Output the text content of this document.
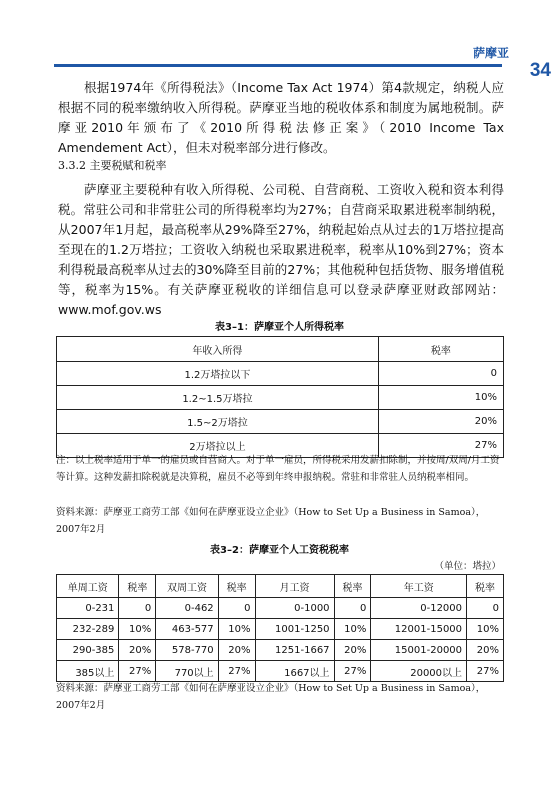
萨摩亚
34

根据1974年《所得税法》（Income Tax Act 1974）第4款规定，纳税人应根据不同的税率缴纳收入所得税。萨摩亚当地的税收体系和制度为属地税制。萨摩亚2010年颁布了《2010所得税法修正案》（2010 Income Tax Amendement Act），但未对税率部分进行修改。

3.3.2 主要税赋和税率

萨摩亚主要税种有收入所得税、公司税、自营商税、工资收入税和资本利得税。常驻公司和非常驻公司的所得税率均为27%；自营商采取累进税率制纳税，从2007年1月起，最高税率从29%降至27%，纳税起始点从过去的1万塔拉提高至现在的1.2万塔拉；工资收入纳税也采取累进税率，税率从10%到27%；资本利得税最高税率从过去的30%降至目前的27%；其他税种包括货物、服务增值税等，税率为15%。有关萨摩亚税收的详细信息可以登录萨摩亚财政部网站：www.mof.gov.ws

表3–1：萨摩亚个人所得税率
年收入所得	税率
1.2万塔拉以下	0
1.2~1.5万塔拉	10%
1.5~2万塔拉	20%
2万塔拉以上	27%

注：以上税率适用于单一的雇员或自营商人。对于单一雇员，所得税采用发薪扣除制，并按周/双周/月工资等计算。这种发薪扣除税就是决算税，雇员不必等到年终申报纳税。常驻和非常驻人员纳税率相同。

资料来源：萨摩亚工商劳工部《如何在萨摩亚设立企业》（How to Set Up a Business in Samoa），2007年2月

表3–2：萨摩亚个人工资税税率
（单位：塔拉）
单周工资	税率	双周工资	税率	月工资	税率	年工资	税率
0-231	0	0-462	0	0-1000	0	0-12000	0
232-289	10%	463-577	10%	1001-1250	10%	12001-15000	10%
290-385	20%	578-770	20%	1251-1667	20%	15001-20000	20%
385以上	27%	770以上	27%	1667以上	27%	20000以上	27%

资料来源：萨摩亚工商劳工部《如何在萨摩亚设立企业》（How to Set Up a Business in Samoa），2007年2月
